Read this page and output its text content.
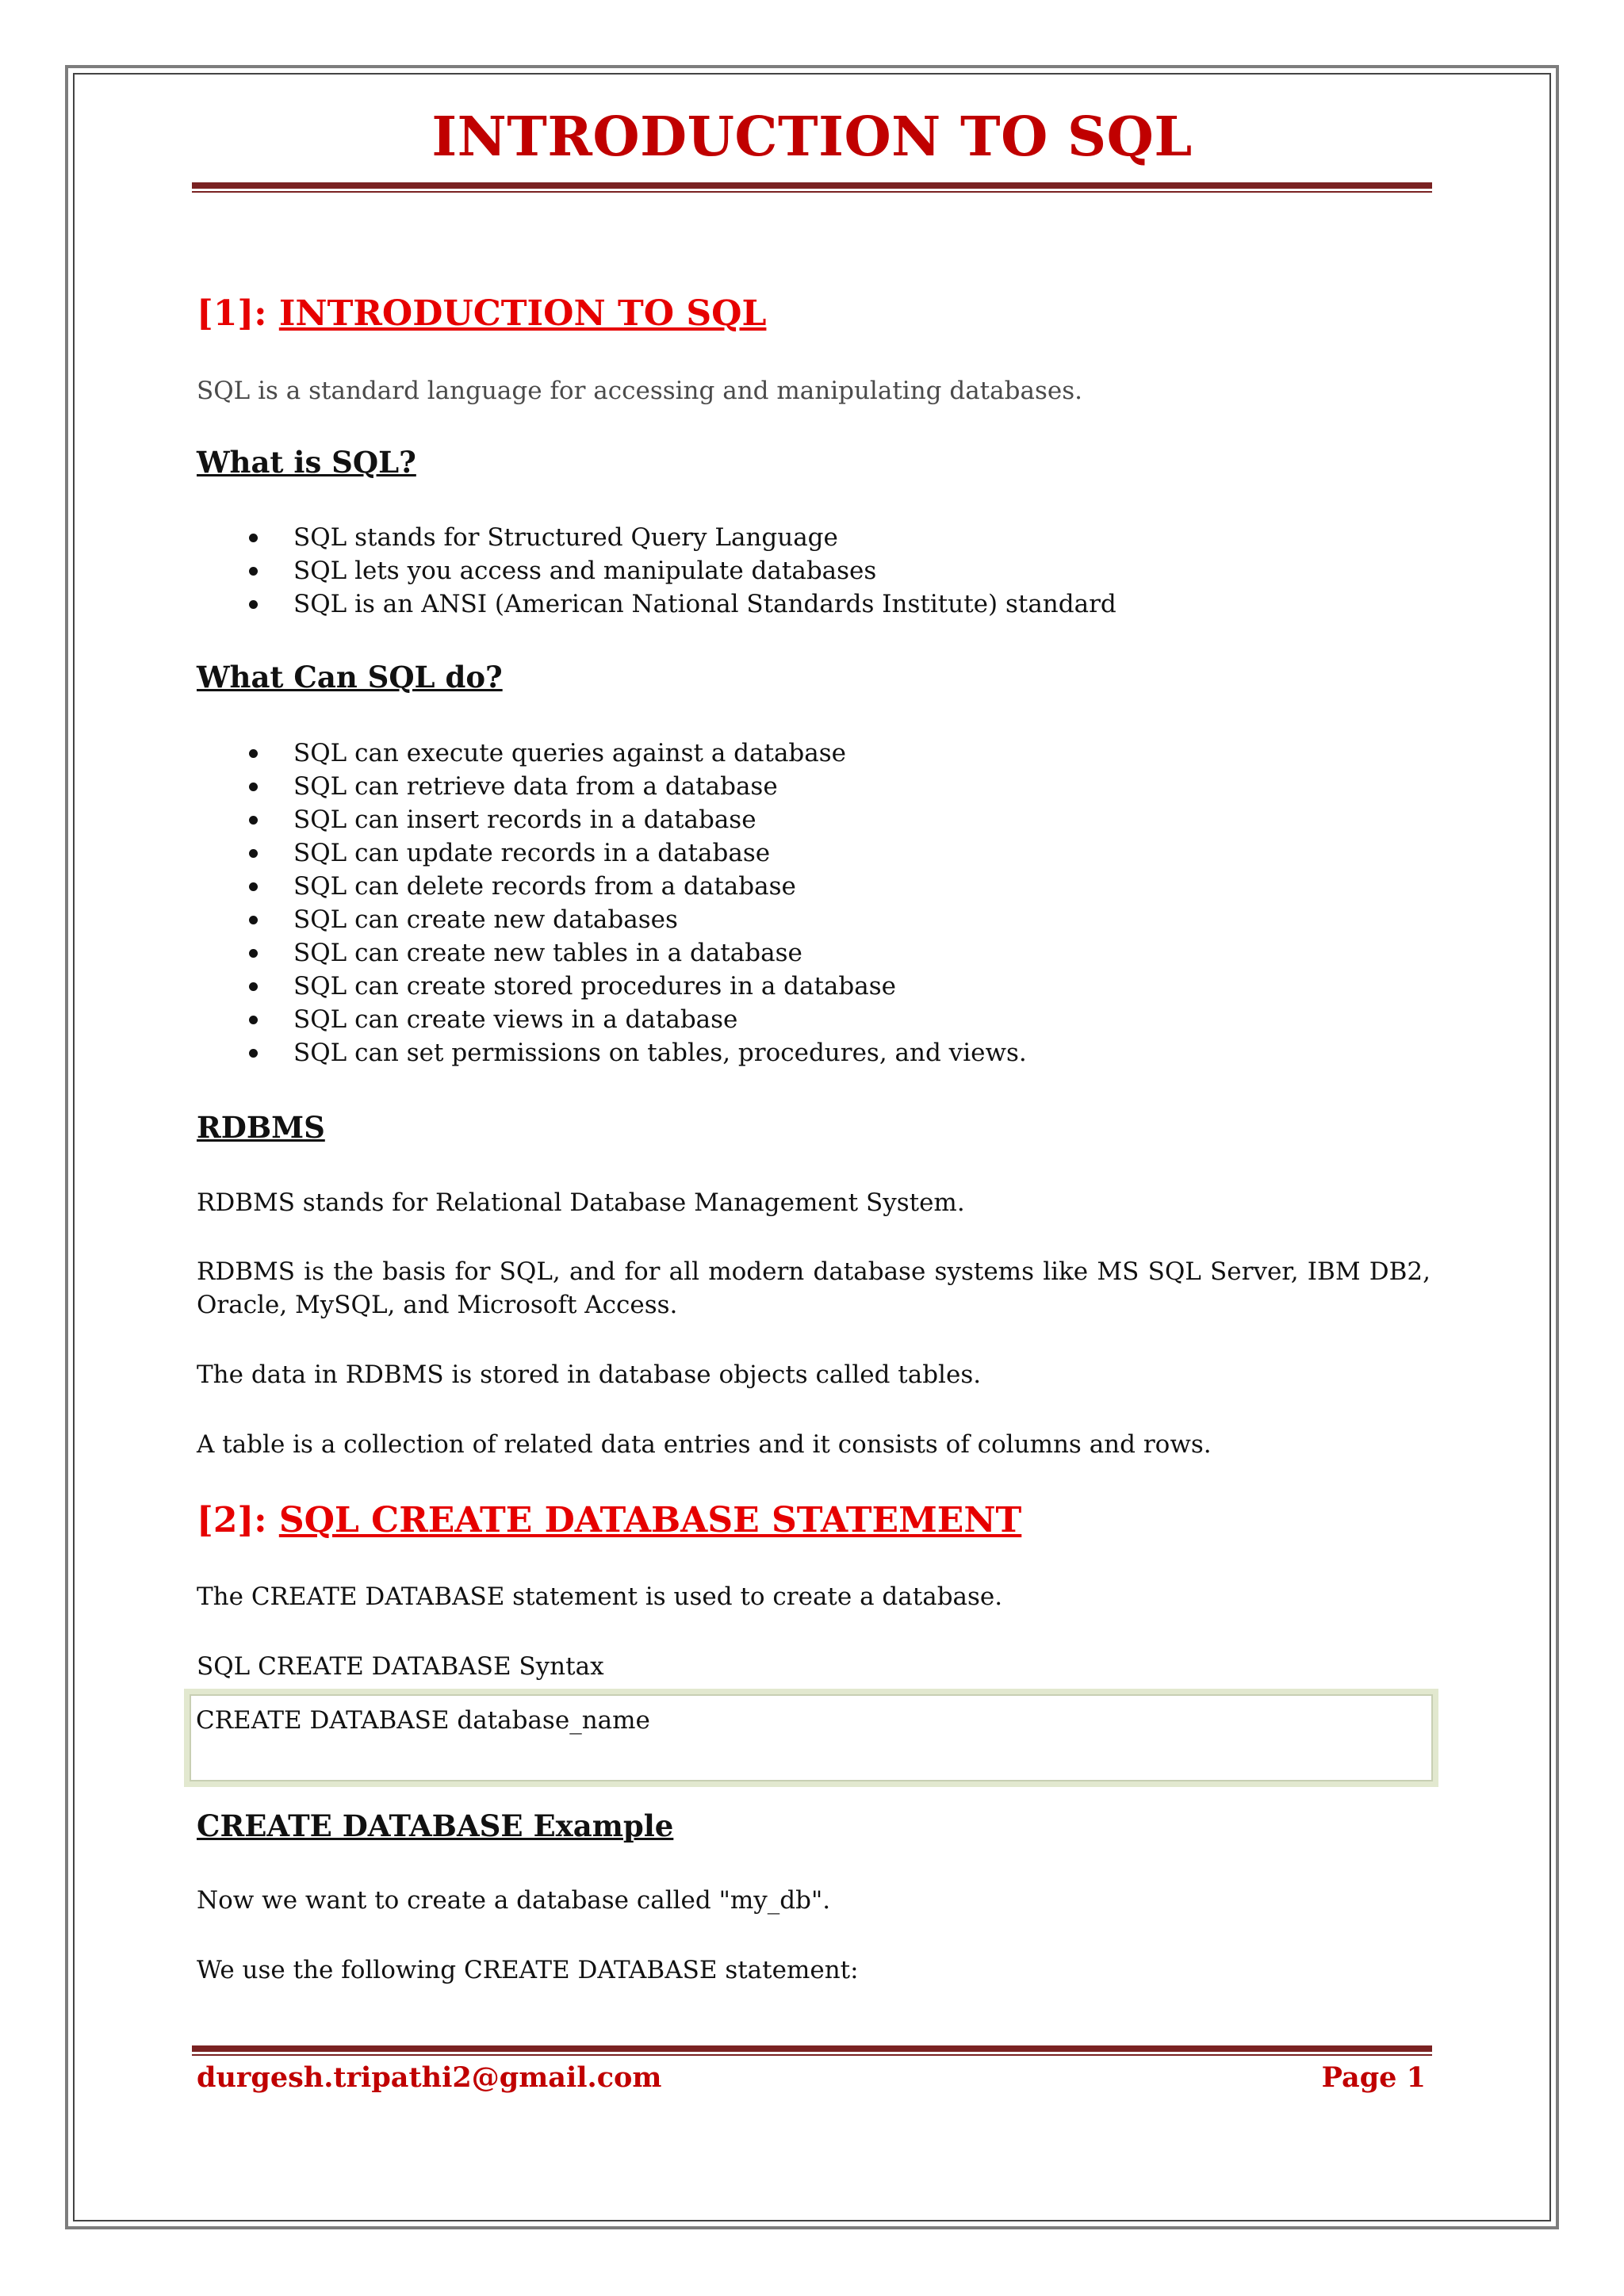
INTRODUCTION TO SQL
[1]: INTRODUCTION TO SQL

SQL is a standard language for accessing and manipulating databases.

What is SQL?
SQL stands for Structured Query Language
SQL lets you access and manipulate databases
SQL is an ANSI (American National Standards Institute) standard
What Can SQL do?
SQL can execute queries against a database
SQL can retrieve data from a database
SQL can insert records in a database
SQL can update records in a database
SQL can delete records from a database
SQL can create new databases
SQL can create new tables in a database
SQL can create stored procedures in a database
SQL can create views in a database
SQL can set permissions on tables, procedures, and views.
RDBMS

RDBMS stands for Relational Database Management System.

RDBMS is the basis for SQL, and for all modern database systems like MS SQL Server, IBM DB2, Oracle, MySQL, and Microsoft Access.

The data in RDBMS is stored in database objects called tables.

A table is a collection of related data entries and it consists of columns and rows.

[2]: SQL CREATE DATABASE STATEMENT

The CREATE DATABASE statement is used to create a database.

SQL CREATE DATABASE Syntax

CREATE DATABASE database_name
CREATE DATABASE Example

Now we want to create a database called "my_db".

We use the following CREATE DATABASE statement:

durgesh.tripathi2@gmail.com	Page 1
